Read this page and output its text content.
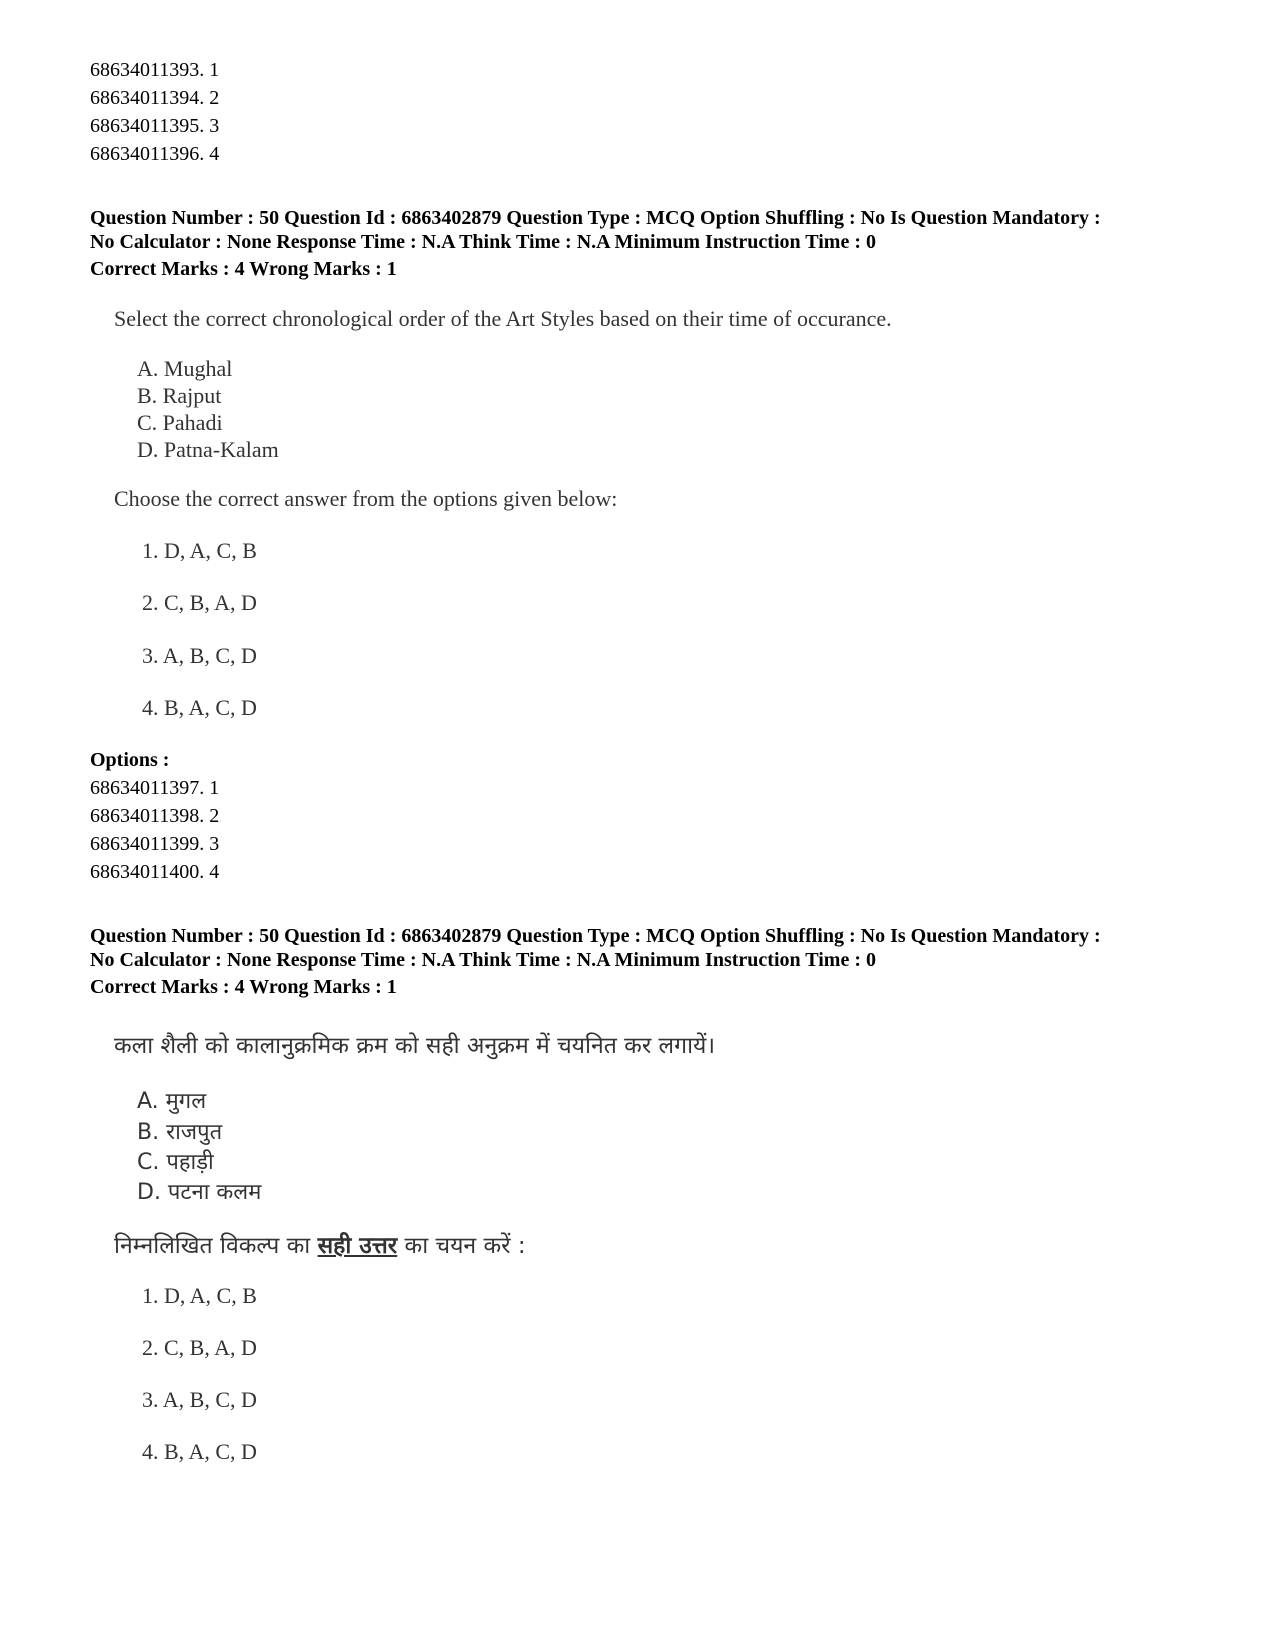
68634011393. 1
68634011394. 2
68634011395. 3
68634011396. 4
Question Number : 50 Question Id : 6863402879 Question Type : MCQ Option Shuffling : No Is Question Mandatory :
No Calculator : None Response Time : N.A Think Time : N.A Minimum Instruction Time : 0
Correct Marks : 4 Wrong Marks : 1
Select the correct chronological order of the Art Styles based on their time of occurance.
A. Mughal
B. Rajput
C. Pahadi
D. Patna-Kalam
Choose the correct answer from the options given below:
1. D, A, C, B
2. C, B, A, D
3. A, B, C, D
4. B, A, C, D
Options :
68634011397. 1
68634011398. 2
68634011399. 3
68634011400. 4
Question Number : 50 Question Id : 6863402879 Question Type : MCQ Option Shuffling : No Is Question Mandatory :
No Calculator : None Response Time : N.A Think Time : N.A Minimum Instruction Time : 0
Correct Marks : 4 Wrong Marks : 1
कला शैली को कालानुक्रमिक क्रम को सही अनुक्रम में चयनित कर लगायें।
A. मुगल
B. राजपुत
C. पहाड़ी
D. पटना कलम
निम्नलिखित विकल्प का सही उत्तर का चयन करें :
1. D, A, C, B
2. C, B, A, D
3. A, B, C, D
4. B, A, C, D
